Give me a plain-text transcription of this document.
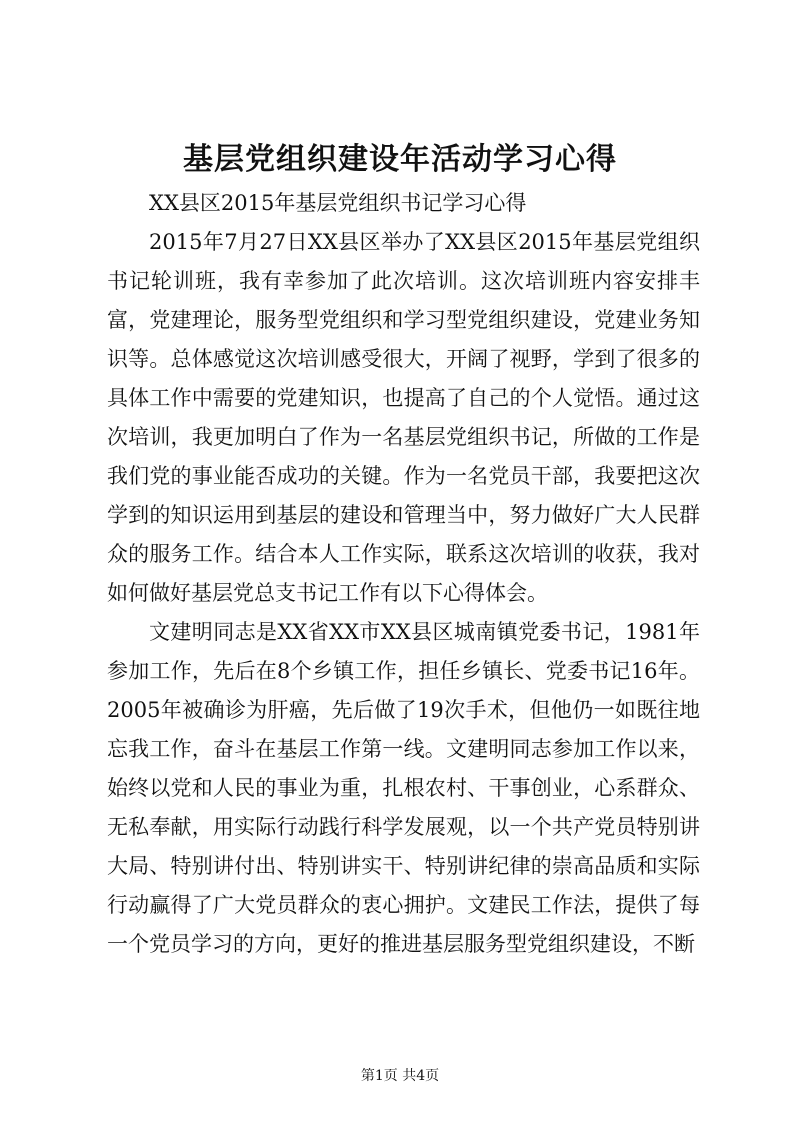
基层党组织建设年活动学习心得

XX县区2015年基层党组织书记学习心得

2015年7月27日XX县区举办了XX县区2015年基层党组织书记轮训班，我有幸参加了此次培训。这次培训班内容安排丰富，党建理论，服务型党组织和学习型党组织建设，党建业务知识等。总体感觉这次培训感受很大，开阔了视野，学到了很多的具体工作中需要的党建知识，也提高了自己的个人觉悟。通过这次培训，我更加明白了作为一名基层党组织书记，所做的工作是我们党的事业能否成功的关键。作为一名党员干部，我要把这次学到的知识运用到基层的建设和管理当中，努力做好广大人民群众的服务工作。结合本人工作实际，联系这次培训的收获，我对如何做好基层党总支书记工作有以下心得体会。

文建明同志是XX省XX市XX县区城南镇党委书记，1981年参加工作，先后在8个乡镇工作，担任乡镇长、党委书记16年。2005年被确诊为肝癌，先后做了19次手术，但他仍一如既往地忘我工作，奋斗在基层工作第一线。文建明同志参加工作以来，始终以党和人民的事业为重，扎根农村、干事创业，心系群众、无私奉献，用实际行动践行科学发展观，以一个共产党员特别讲大局、特别讲付出、特别讲实干、特别讲纪律的崇高品质和实际行动赢得了广大党员群众的衷心拥护。文建民工作法，提供了每一个党员学习的方向，更好的推进基层服务型党组织建设，不断

第1页 共4页
